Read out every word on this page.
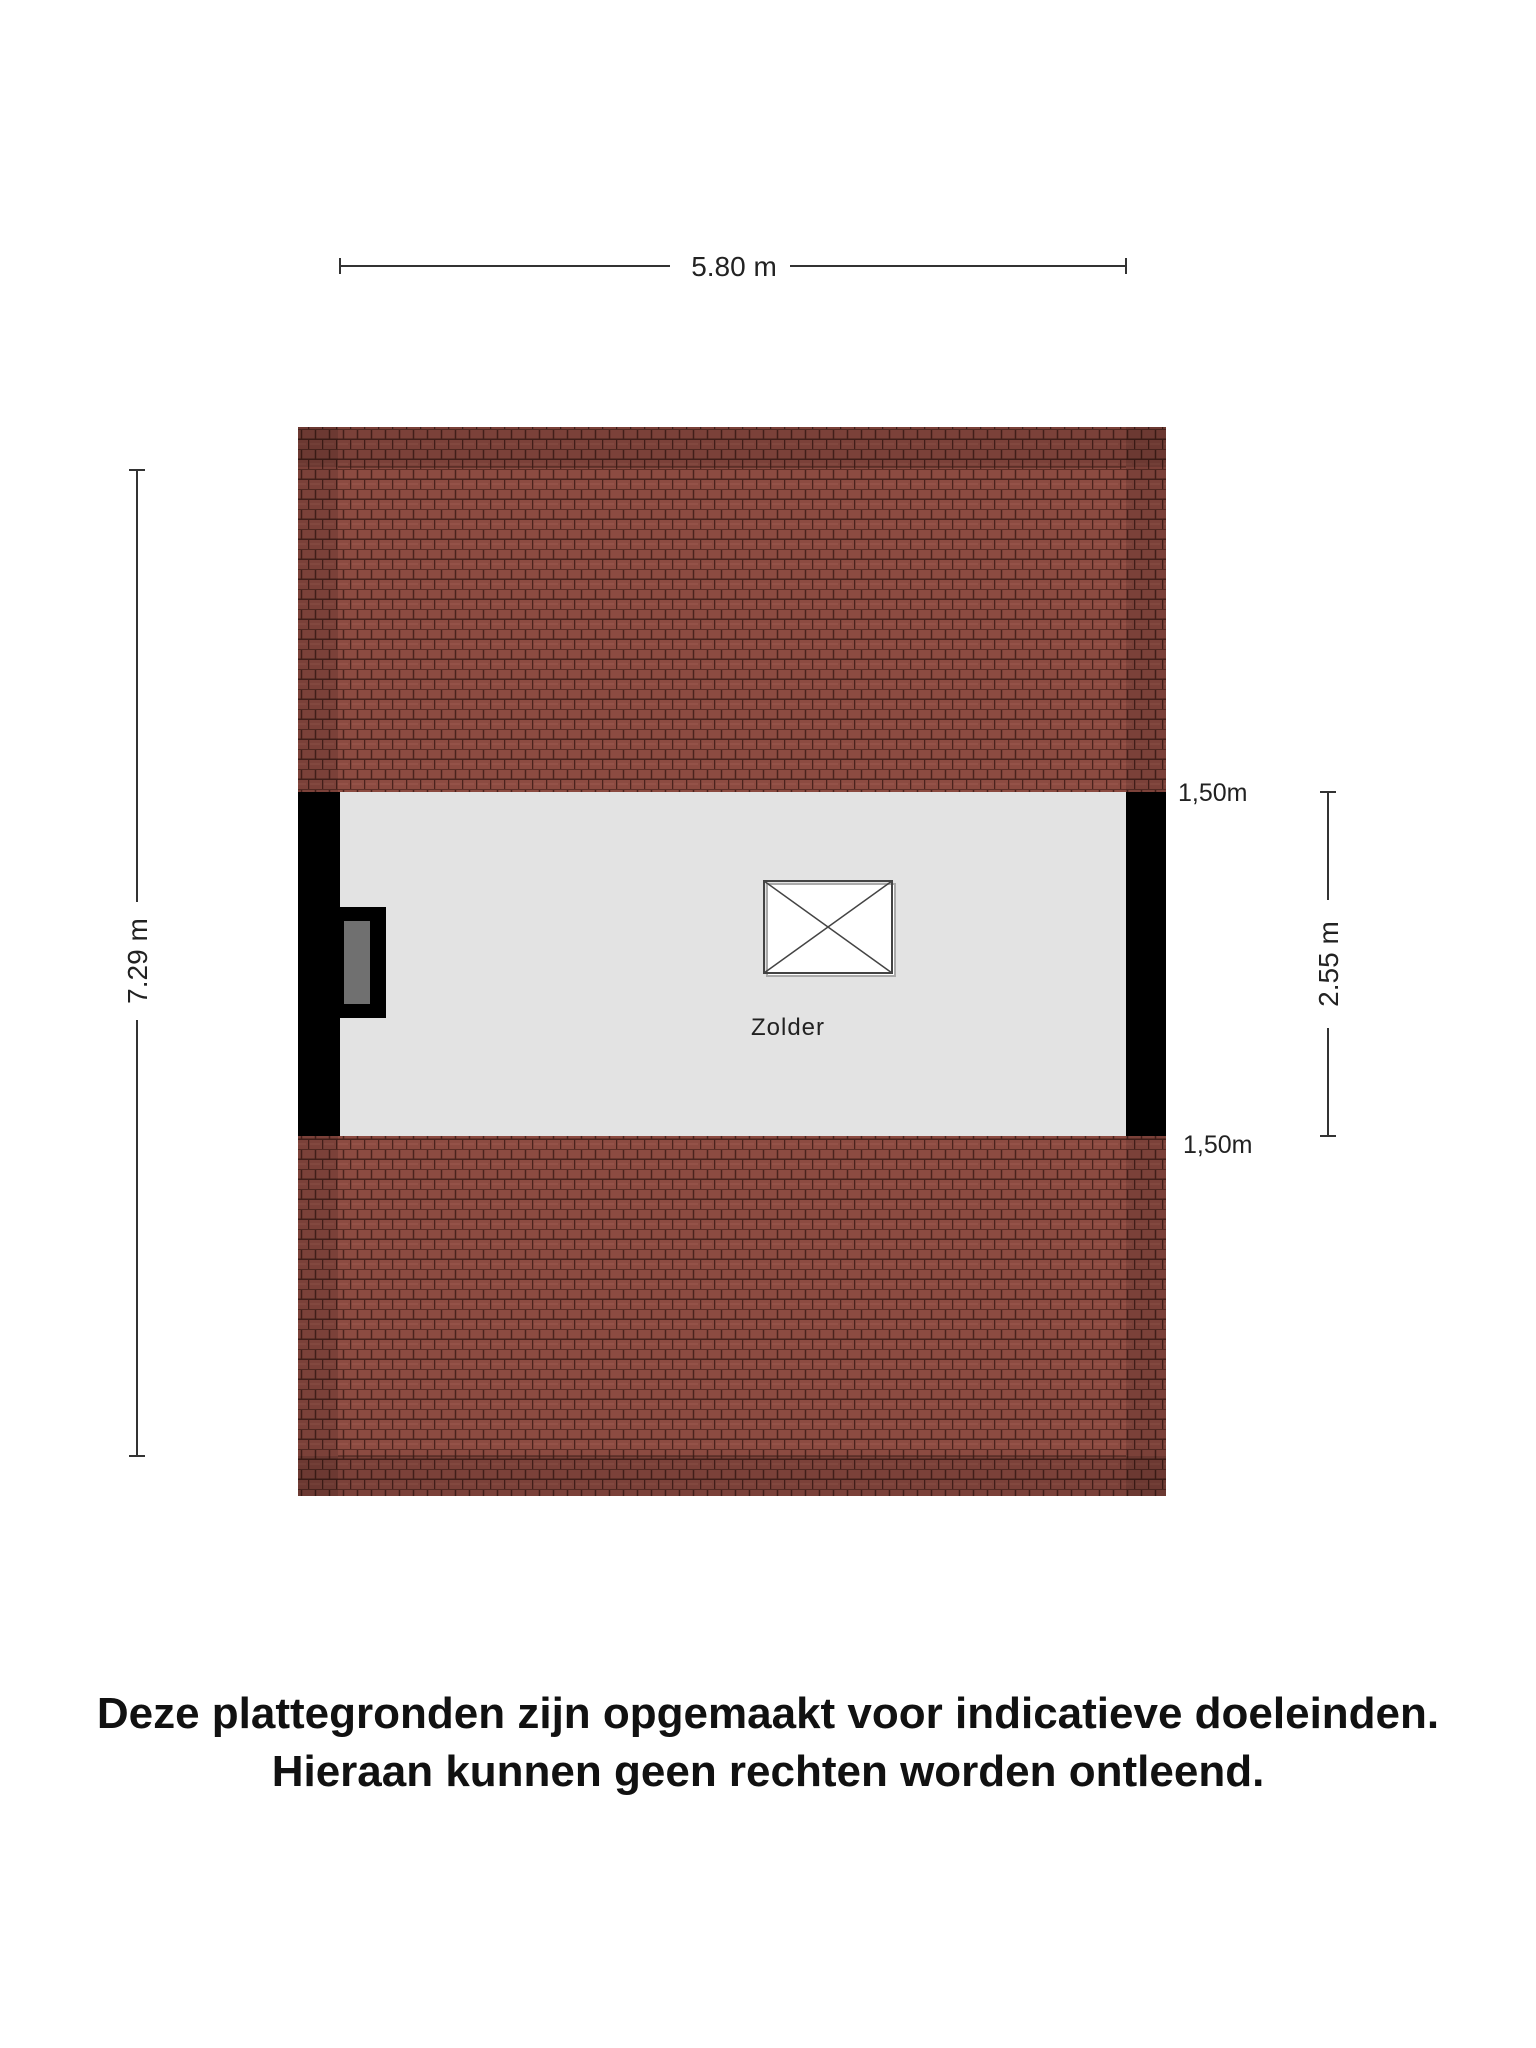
5.80 m
7.29 m	2.55 m
1,50m
1,50m
Zolder
Deze plattegronden zijn opgemaakt voor indicatieve doeleinden.
Hieraan kunnen geen rechten worden ontleend.
